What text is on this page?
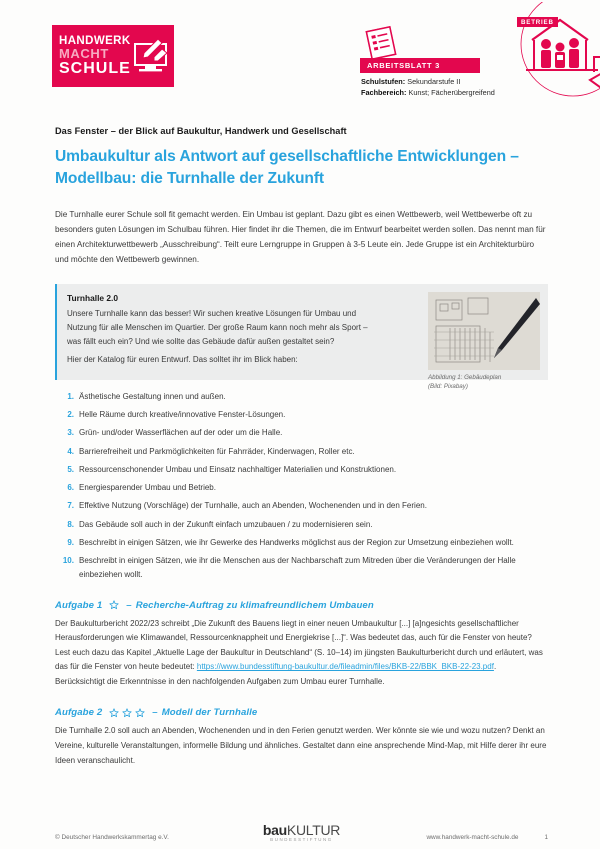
HANDWERK
MACHT
SCHULE	ARBEITSBLATT 3
Schulstufen: Sekundarstufe II
Fachbereich: Kunst; Fächerübergreifend
BETRIEB
Das Fenster – der Blick auf Baukultur, Handwerk und Gesellschaft
Umbaukultur als Antwort auf gesellschaftliche Entwicklungen – Modellbau: die Turnhalle der Zukunft

Die Turnhalle eurer Schule soll fit gemacht werden. Ein Umbau ist geplant. Dazu gibt es einen Wettbewerb, weil Wettbewerbe oft zu besonders guten Lösungen im Schulbau führen. Hier findet ihr die Themen, die im Entwurf bearbeitet werden sollen. Das nennt man für einen Architekturwettbewerb „Ausschreibung“. Teilt eure Lerngruppe in Gruppen à 3-5 Leute ein. Jede Gruppe ist ein Architekturbüro und möchte den Wettbewerb gewinnen.

Turnhalle 2.0
Unsere Turnhalle kann das besser! Wir suchen kreative Lösungen für Umbau und Nutzung für alle Menschen im Quartier. Der große Raum kann noch mehr als Sport – was fällt euch ein? Und wie sollte das Gebäude dafür außen gestaltet sein?
Hier der Katalog für euren Entwurf. Das solltet ihr im Blick haben:
Abbildung 1: Gebäudeplan
(Bild: Pixabay)
Ästhetische Gestaltung innen und außen.
Helle Räume durch kreative/innovative Fenster-Lösungen.
Grün- und/oder Wasserflächen auf der oder um die Halle.
Barrierefreiheit und Parkmöglichkeiten für Fahrräder, Kinderwagen, Roller etc.
Ressourcenschonender Umbau und Einsatz nachhaltiger Materialien und Konstruktionen.
Energiesparender Umbau und Betrieb.
Effektive Nutzung (Vorschläge) der Turnhalle, auch an Abenden, Wochenenden und in den Ferien.
Das Gebäude soll auch in der Zukunft einfach umzubauen / zu modernisieren sein.
Beschreibt in einigen Sätzen, wie ihr Gewerke des Handwerks möglichst aus der Region zur Umsetzung einbeziehen wollt.
Beschreibt in einigen Sätzen, wie ihr die Menschen aus der Nachbarschaft zum Mitreden über die Veränderungen der Halle einbeziehen wollt.
Aufgabe 1	– Recherche-Auftrag zu klimafreundlichem Umbauen

Der Baukulturbericht 2022/23 schreibt „Die Zukunft des Bauens liegt in einer neuen Umbaukultur [...] [a]ngesichts gesellschaftlicher Herausforderungen wie Klimawandel, Ressourcenknappheit und Energiekrise [...]“. Was bedeutet das, auch für die Fenster von heute? Lest euch dazu das Kapitel „Aktuelle Lage der Baukultur in Deutschland“ (S. 10–14) im jüngsten Baukulturbericht durch und erläutert, was das für die Fenster von heute bedeutet: https://www.bundesstiftung-baukultur.de/fileadmin/files/BKB-22/BBK_BKB-22-23.pdf. Berücksichtigt die Erkenntnisse in den nachfolgenden Aufgaben zum Umbau eurer Turnhalle.

Aufgabe 2	– Modell der Turnhalle

Die Turnhalle 2.0 soll auch an Abenden, Wochenenden und in den Ferien genutzt werden. Wer könnte sie wie und wozu nutzen? Denkt an Vereine, kulturelle Veranstaltungen, informelle Bildung und ähnliches. Gestaltet dann eine ansprechende Mind-Map, mit Hilfe derer ihr eure Ideen veranschaulicht.

bauKULTUR
BUNDESSTIFTUNG
© Deutscher Handwerkskammertag e.V.	www.handwerk-macht-schule.de	1
